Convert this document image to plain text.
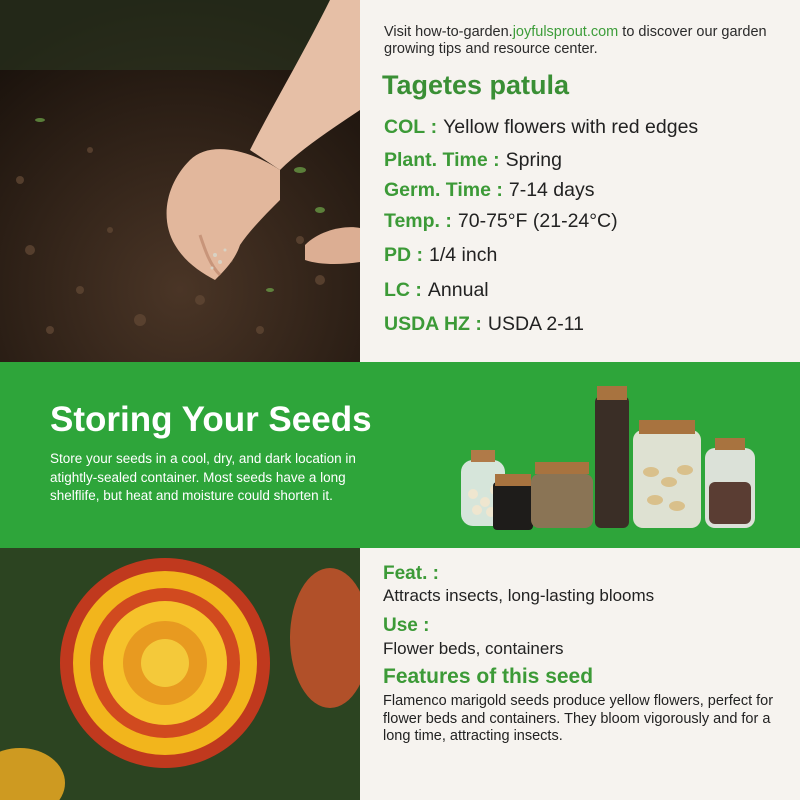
Visit how-to-garden.joyfulsprout.com to discover our garden growing tips and resource center.
Tagetes patula
COL : Yellow flowers with red edges
Plant. Time : Spring
Germ. Time : 7-14 days
Temp. : 70-75°F (21-24°C)
PD : 1/4 inch
LC : Annual
USDA HZ : USDA 2-11
Storing Your Seeds
Store your seeds in a cool, dry, and dark location in atightly-sealed container. Most seeds have a long shelflife, but heat and moisture could shorten it.
Feat. :
Attracts insects, long-lasting blooms
Use :
Flower beds, containers
Features of this seed
Flamenco marigold seeds produce yellow flowers, perfect for flower beds and containers. They bloom vigorously and for a long time, attracting insects.
